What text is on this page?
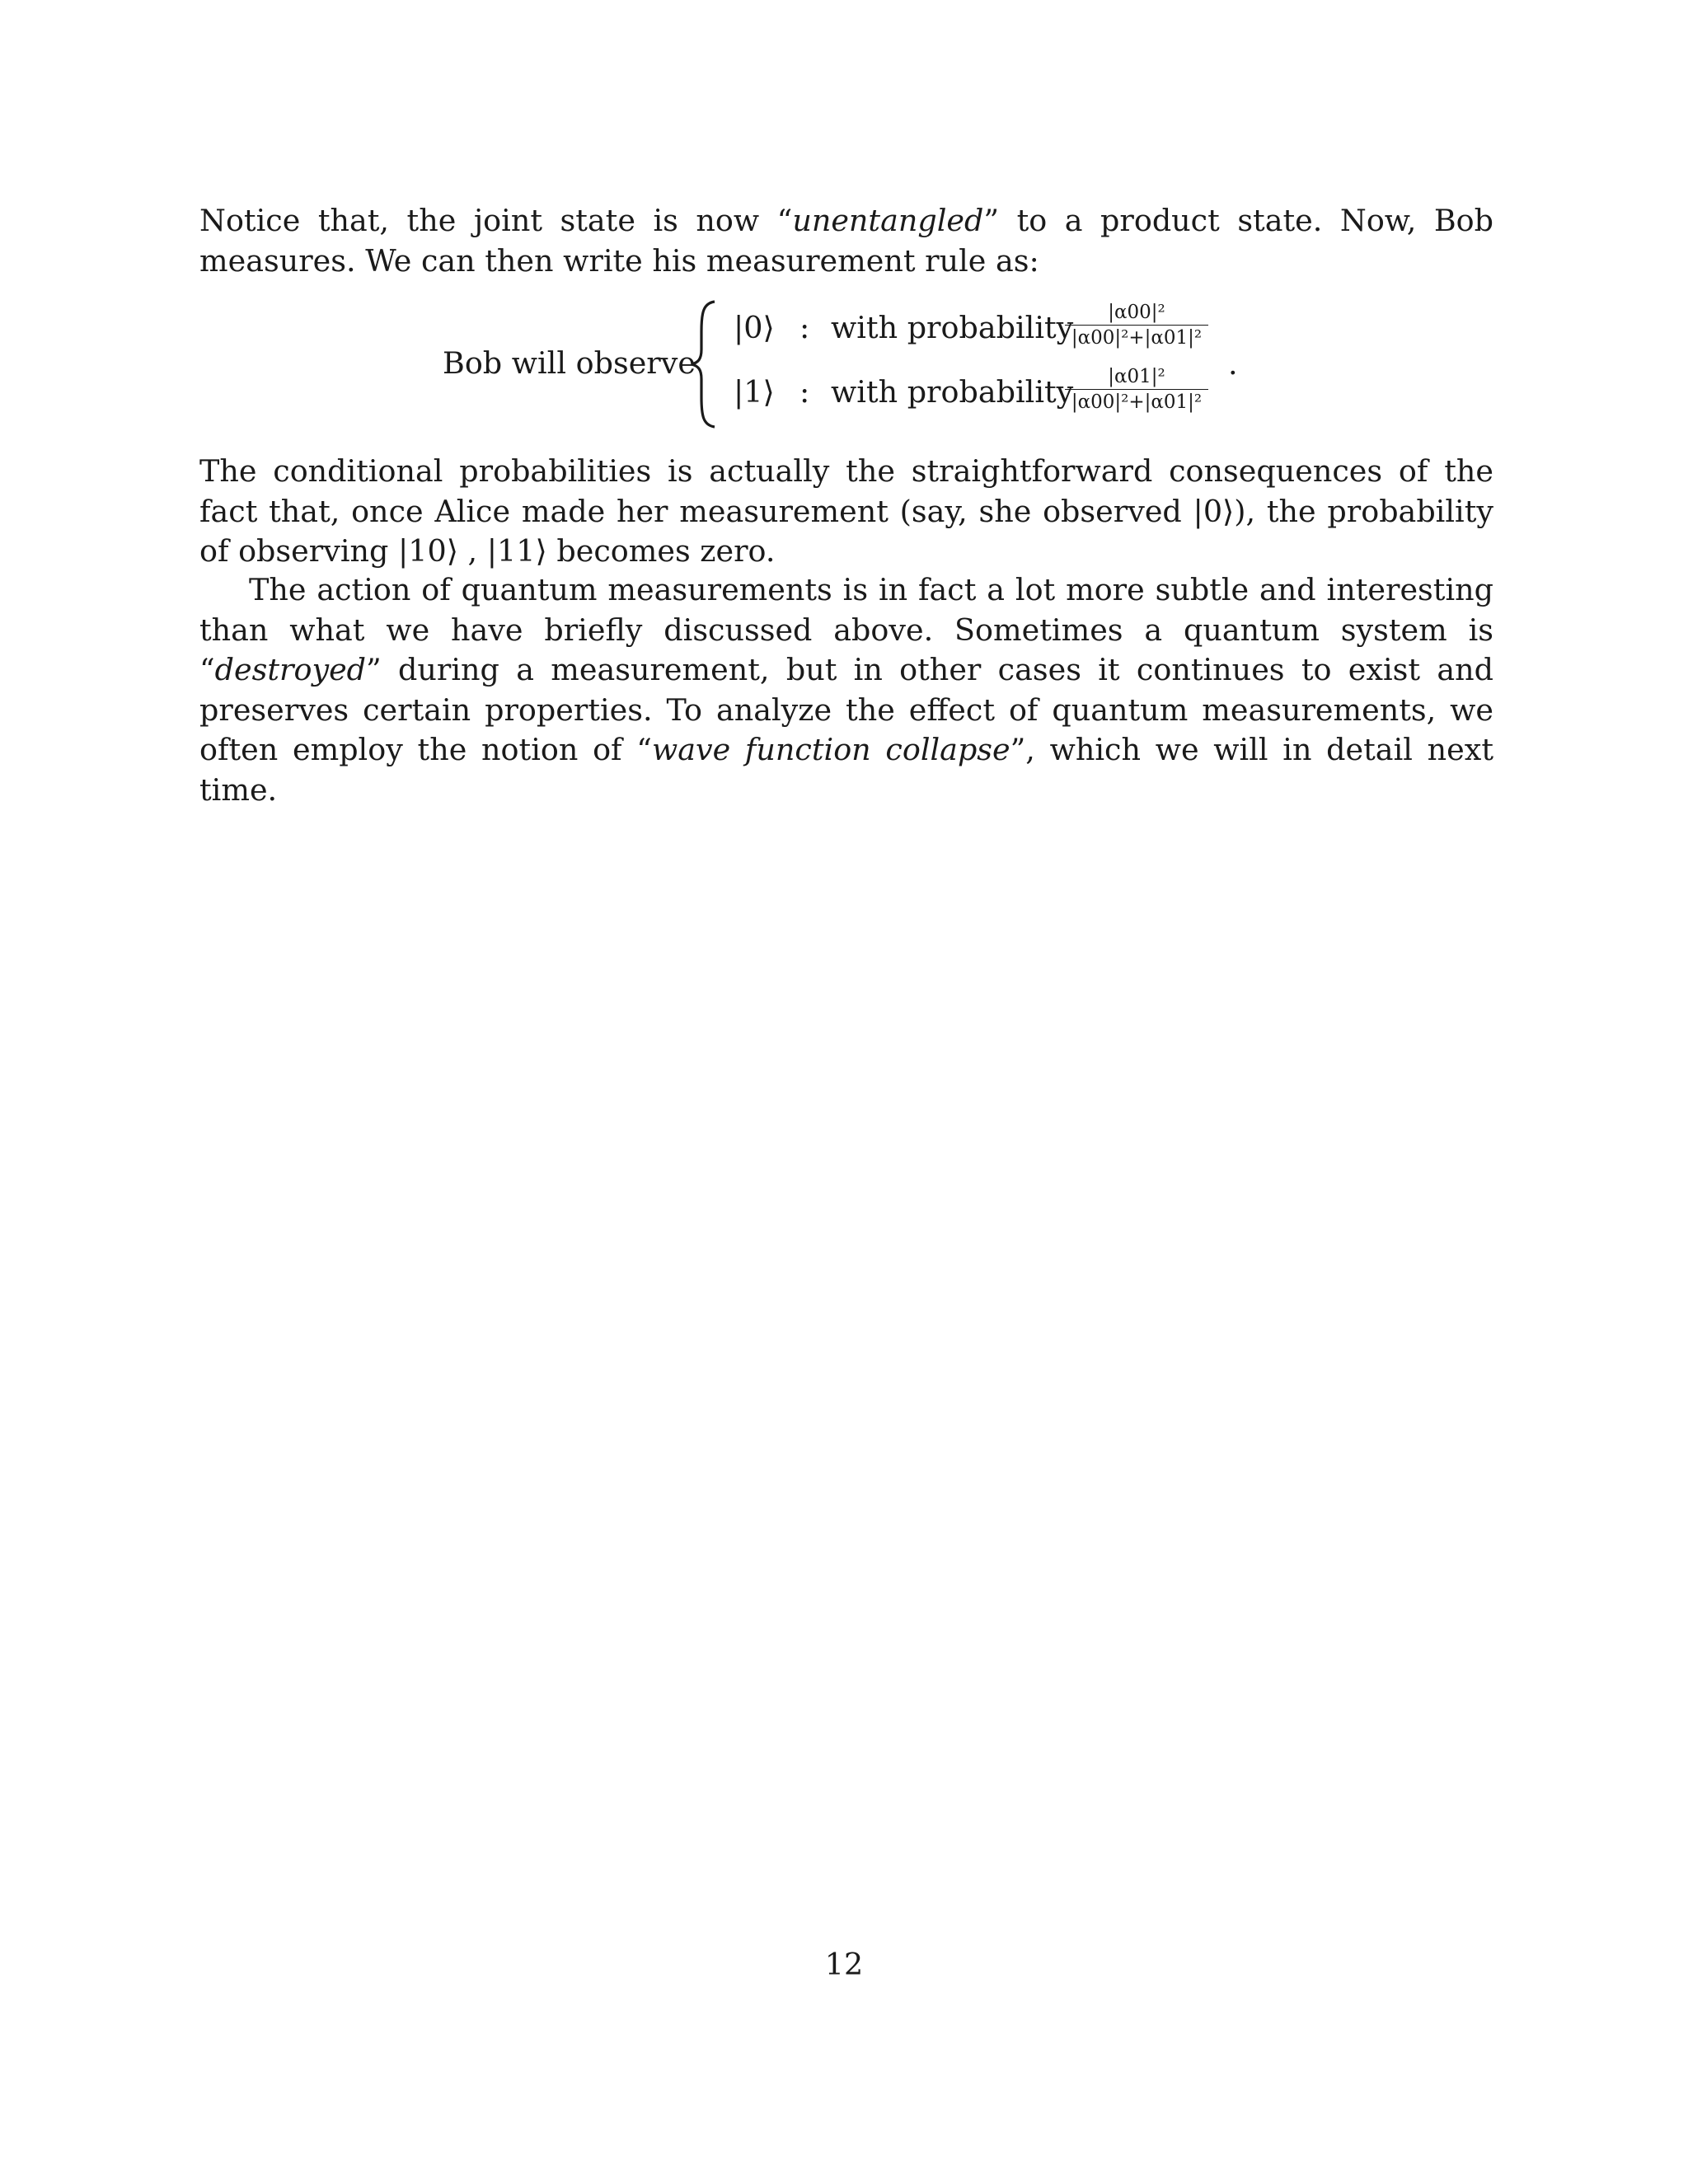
Notice that, the joint state is now “unentangled” to a product state. Now, Bob measures. We can then write his measurement rule as:

Bob will observe
|0⟩ : with probability	|α00|²
|α00|²+|α01|²
|1⟩ : with probability	|α01|²
|α00|²+|α01|²
.

The conditional probabilities is actually the straightforward consequences of the fact that, once Alice made her measurement (say, she observed |0⟩), the probability of observing |10⟩ , |11⟩ becomes zero.

The action of quantum measurements is in fact a lot more subtle and interesting than what we have briefly discussed above. Sometimes a quantum system is “destroyed” during a measurement, but in other cases it continues to exist and preserves certain properties. To analyze the effect of quantum measurements, we often employ the notion of “wave function collapse”, which we will in detail next time.

12
